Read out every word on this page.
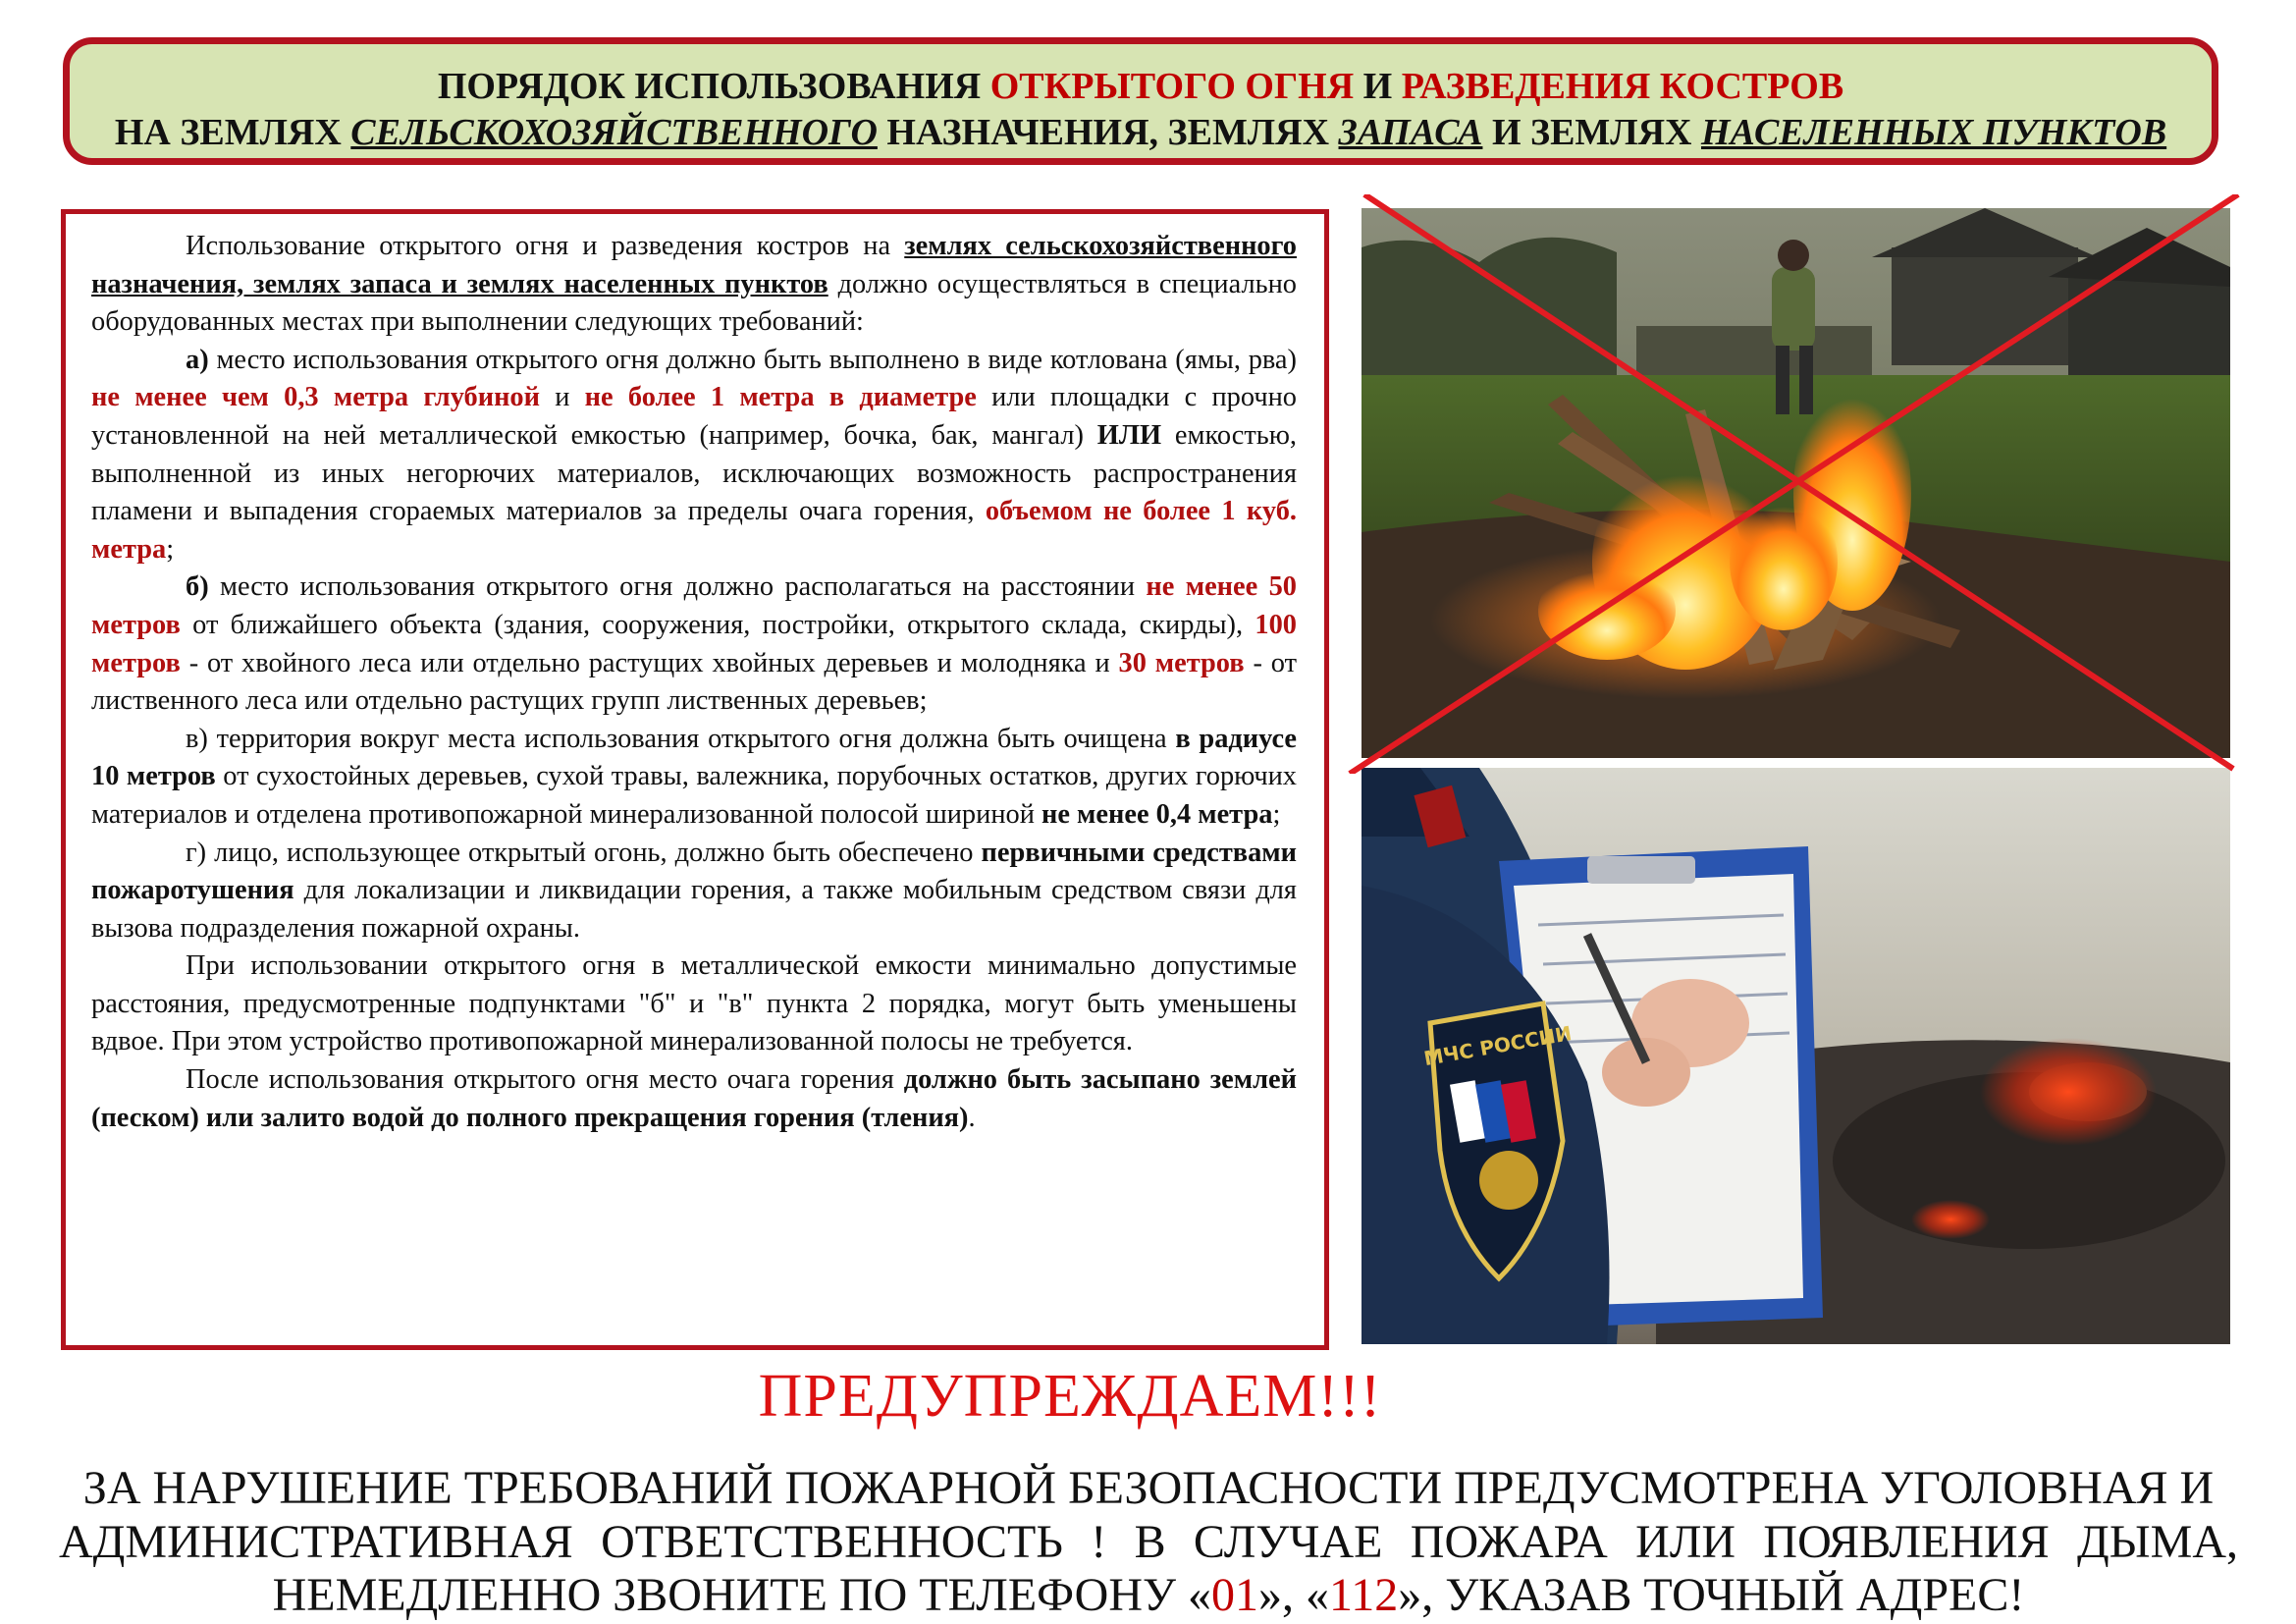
ПОРЯДОК ИСПОЛЬЗОВАНИЯ ОТКРЫТОГО ОГНЯ И РАЗВЕДЕНИЯ КОСТРОВ
НА ЗЕМЛЯХ СЕЛЬСКОХОЗЯЙСТВЕННОГО НАЗНАЧЕНИЯ, ЗЕМЛЯХ ЗАПАСА И ЗЕМЛЯХ НАСЕЛЕННЫХ ПУНКТОВ

Использование открытого огня и разведения костров на землях сельскохозяйственного назначения, землях запаса и землях населенных пунктов должно осуществляться в специально оборудованных местах при выполнении следующих требований:

а) место использования открытого огня должно быть выполнено в виде котлована (ямы, рва) не менее чем 0,3 метра глубиной и не более 1 метра в диаметре или площадки с прочно установленной на ней металлической емкостью (например, бочка, бак, мангал) ИЛИ емкостью, выполненной из иных негорючих материалов, исключающих возможность распространения пламени и выпадения сгораемых материалов за пределы очага горения, объемом не более 1 куб. метра;

б) место использования открытого огня должно располагаться на расстоянии не менее 50 метров от ближайшего объекта (здания, сооружения, постройки, открытого склада, скирды), 100 метров - от хвойного леса или отдельно растущих хвойных деревьев и молодняка и 30 метров - от лиственного леса или отдельно растущих групп лиственных деревьев;

в) территория вокруг места использования открытого огня должна быть очищена в радиусе 10 метров от сухостойных деревьев, сухой травы, валежника, порубочных остатков, других горючих материалов и отделена противопожарной минерализованной полосой шириной не менее 0,4 метра;

г) лицо, использующее открытый огонь, должно быть обеспечено первичными средствами пожаротушения для локализации и ликвидации горения, а также мобильным средством связи для вызова подразделения пожарной охраны.

При использовании открытого огня в металлической емкости минимально допустимые расстояния, предусмотренные подпунктами "б" и "в" пункта 2 порядка, могут быть уменьшены вдвое. При этом устройство противопожарной минерализованной полосы не требуется.

После использования открытого огня место очага горения должно быть засыпано землей (песком) или залито водой до полного прекращения горения (тления).

МЧС РОССИИ
ПРЕДУПРЕЖДАЕМ!!!
ЗА НАРУШЕНИЕ ТРЕБОВАНИЙ ПОЖАРНОЙ БЕЗОПАСНОСТИ ПРЕДУСМОТРЕНА УГОЛОВНАЯ И
АДМИНИСТРАТИВНАЯ ОТВЕТСТВЕННОСТЬ ! В СЛУЧАЕ ПОЖАРА ИЛИ ПОЯВЛЕНИЯ ДЫМА,
НЕМЕДЛЕННО ЗВОНИТЕ ПО ТЕЛЕФОНУ «01», «112», УКАЗАВ ТОЧНЫЙ АДРЕС!
